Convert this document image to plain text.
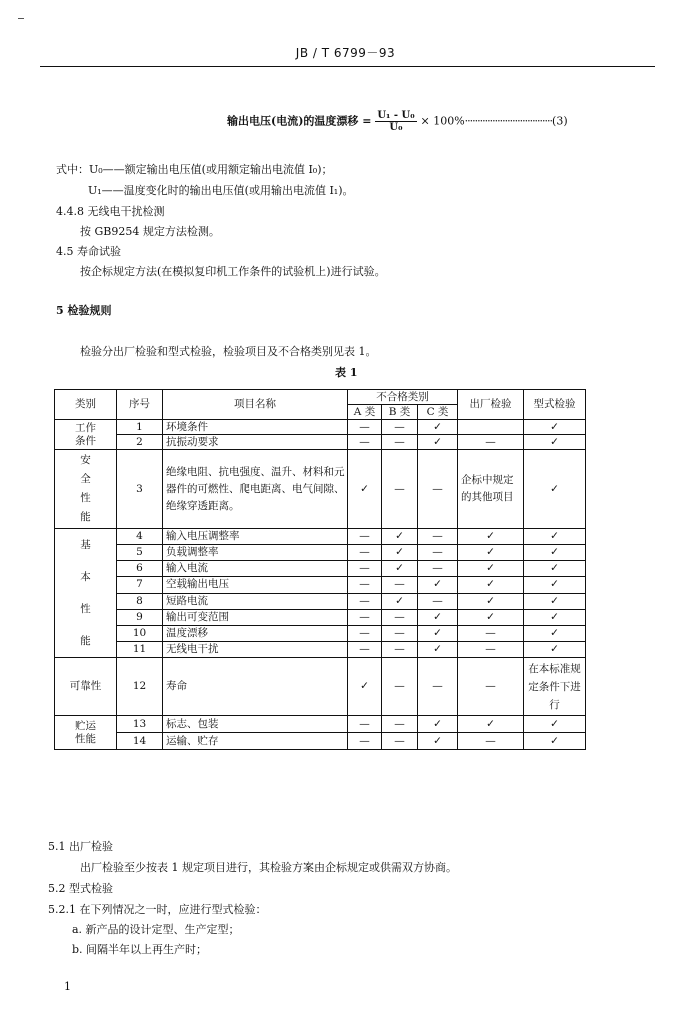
JB / T 6799－93
输出电压(电流)的温度漂移 = $\frac{\text{U₁ - U₀}}{\text{U₀}} \times 100\%\cdot\cdot\cdot\cdot\cdot\cdot\cdot\cdot\cdot\cdot\cdot\cdot\cdot\cdot\cdot\cdot\cdot\cdot\cdot\cdot\cdot\cdot\cdot\cdot\cdot\cdot\cdot\cdot\cdot\cdot\cdot\cdot\cdot\cdot\cdot(3)$
式中：U₀——额定输出电压值(或用额定输出电流值 I₀)；
U₁——温度变化时的输出电压值(或用输出电流值 I₁)。
4.4.8 无线电干扰检测
按 GB9254 规定方法检测。
4.5 寿命试验
按企标规定方法(在模拟复印机工作条件的试验机上)进行试验。
5 检验规则
检验分出厂检验和型式检验，检验项目及不合格类别见表 1。
表 1
类别	序号	项目名称	不合格类别			出厂检验	型式检验
			A 类	B 类	C 类		
工作
条件	1	环境条件	—	—	✓		✓
	2	抗振动要求	—	—	✓	—	✓
安全性能	3	绝缘电阻、抗电强度、温升、材料和元器件的可燃性、爬电距离、电气间隙、绝缘穿透距离。	✓	—	—	企标中规定的其他项目	✓
基本性能	4	输入电压调整率	—	✓	—	✓	✓
	5	负载调整率	—	✓	—	✓	✓
	6	输入电流	—	✓	—	✓	✓
	7	空载输出电压	—	—	✓	✓	✓
	8	短路电流	—	✓	—	✓	✓
	9	输出可变范围	—	—	✓	✓	✓
	10	温度漂移	—	—	✓	—	✓
	11	无线电干扰	—	—	✓	—	✓
可靠性	12	寿命	✓	—	—	—	在本标准规定条件下进行
贮运
性能	13	标志、包装	—	—	✓	✓	✓
	14	运输、贮存	—	—	✓	—	✓
5.1 出厂检验
出厂检验至少按表 1 规定项目进行，其检验方案由企标规定或供需双方协商。
5.2 型式检验
5.2.1 在下列情况之一时，应进行型式检验：
a. 新产品的设计定型、生产定型；
b. 间隔半年以上再生产时；
1
